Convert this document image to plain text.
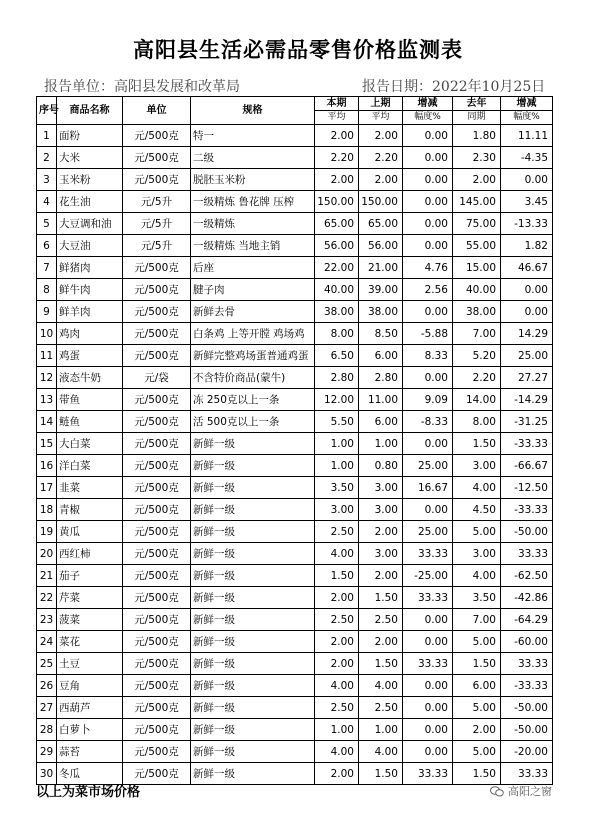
高阳县生活必需品零售价格监测表
报告单位：高阳县发展和改革局	报告日期：2022年10月25日
序号	商品名称	单位	规格	本期	上期	增减	去年	增减
				平均	平均	幅度%	同期	幅度%
1	面粉	元/500克	特一	2.00	2.00	0.00	1.80	11.11
2	大米	元/500克	二级	2.20	2.20	0.00	2.30	-4.35
3	玉米粉	元/500克	脱胚玉米粉	2.00	2.00	0.00	2.00	0.00
4	花生油	元/5升	一级精炼 鲁花牌 压榨	150.00	150.00	0.00	145.00	3.45
5	大豆调和油	元/5升	一级精炼	65.00	65.00	0.00	75.00	-13.33
6	大豆油	元/5升	一级精炼 当地主销	56.00	56.00	0.00	55.00	1.82
7	鲜猪肉	元/500克	后座	22.00	21.00	4.76	15.00	46.67
8	鲜牛肉	元/500克	腱子肉	40.00	39.00	2.56	40.00	0.00
9	鲜羊肉	元/500克	新鲜去骨	38.00	38.00	0.00	38.00	0.00
10	鸡肉	元/500克	白条鸡 上等开膛 鸡场鸡	8.00	8.50	-5.88	7.00	14.29
11	鸡蛋	元/500克	新鲜完整鸡场蛋普通鸡蛋	6.50	6.00	8.33	5.20	25.00
12	液态牛奶	元/袋	不含特价商品(蒙牛)	2.80	2.80	0.00	2.20	27.27
13	带鱼	元/500克	冻 250克以上一条	12.00	11.00	9.09	14.00	-14.29
14	鲢鱼	元/500克	活 500克以上一条	5.50	6.00	-8.33	8.00	-31.25
15	大白菜	元/500克	新鲜一级	1.00	1.00	0.00	1.50	-33.33
16	洋白菜	元/500克	新鲜一级	1.00	0.80	25.00	3.00	-66.67
17	韭菜	元/500克	新鲜一级	3.50	3.00	16.67	4.00	-12.50
18	青椒	元/500克	新鲜一级	3.00	3.00	0.00	4.50	-33.33
19	黄瓜	元/500克	新鲜一级	2.50	2.00	25.00	5.00	-50.00
20	西红柿	元/500克	新鲜一级	4.00	3.00	33.33	3.00	33.33
21	茄子	元/500克	新鲜一级	1.50	2.00	-25.00	4.00	-62.50
22	芹菜	元/500克	新鲜一级	2.00	1.50	33.33	3.50	-42.86
23	菠菜	元/500克	新鲜一级	2.50	2.50	0.00	7.00	-64.29
24	菜花	元/500克	新鲜一级	2.00	2.00	0.00	5.00	-60.00
25	土豆	元/500克	新鲜一级	2.00	1.50	33.33	1.50	33.33
26	豆角	元/500克	新鲜一级	4.00	4.00	0.00	6.00	-33.33
27	西葫芦	元/500克	新鲜一级	2.50	2.50	0.00	5.00	-50.00
28	白萝卜	元/500克	新鲜一级	1.00	1.00	0.00	2.00	-50.00
29	蒜苔	元/500克	新鲜一级	4.00	4.00	0.00	5.00	-20.00
30	冬瓜	元/500克	新鲜一级	2.00	1.50	33.33	1.50	33.33
以上为菜市场价格	高阳之窗
